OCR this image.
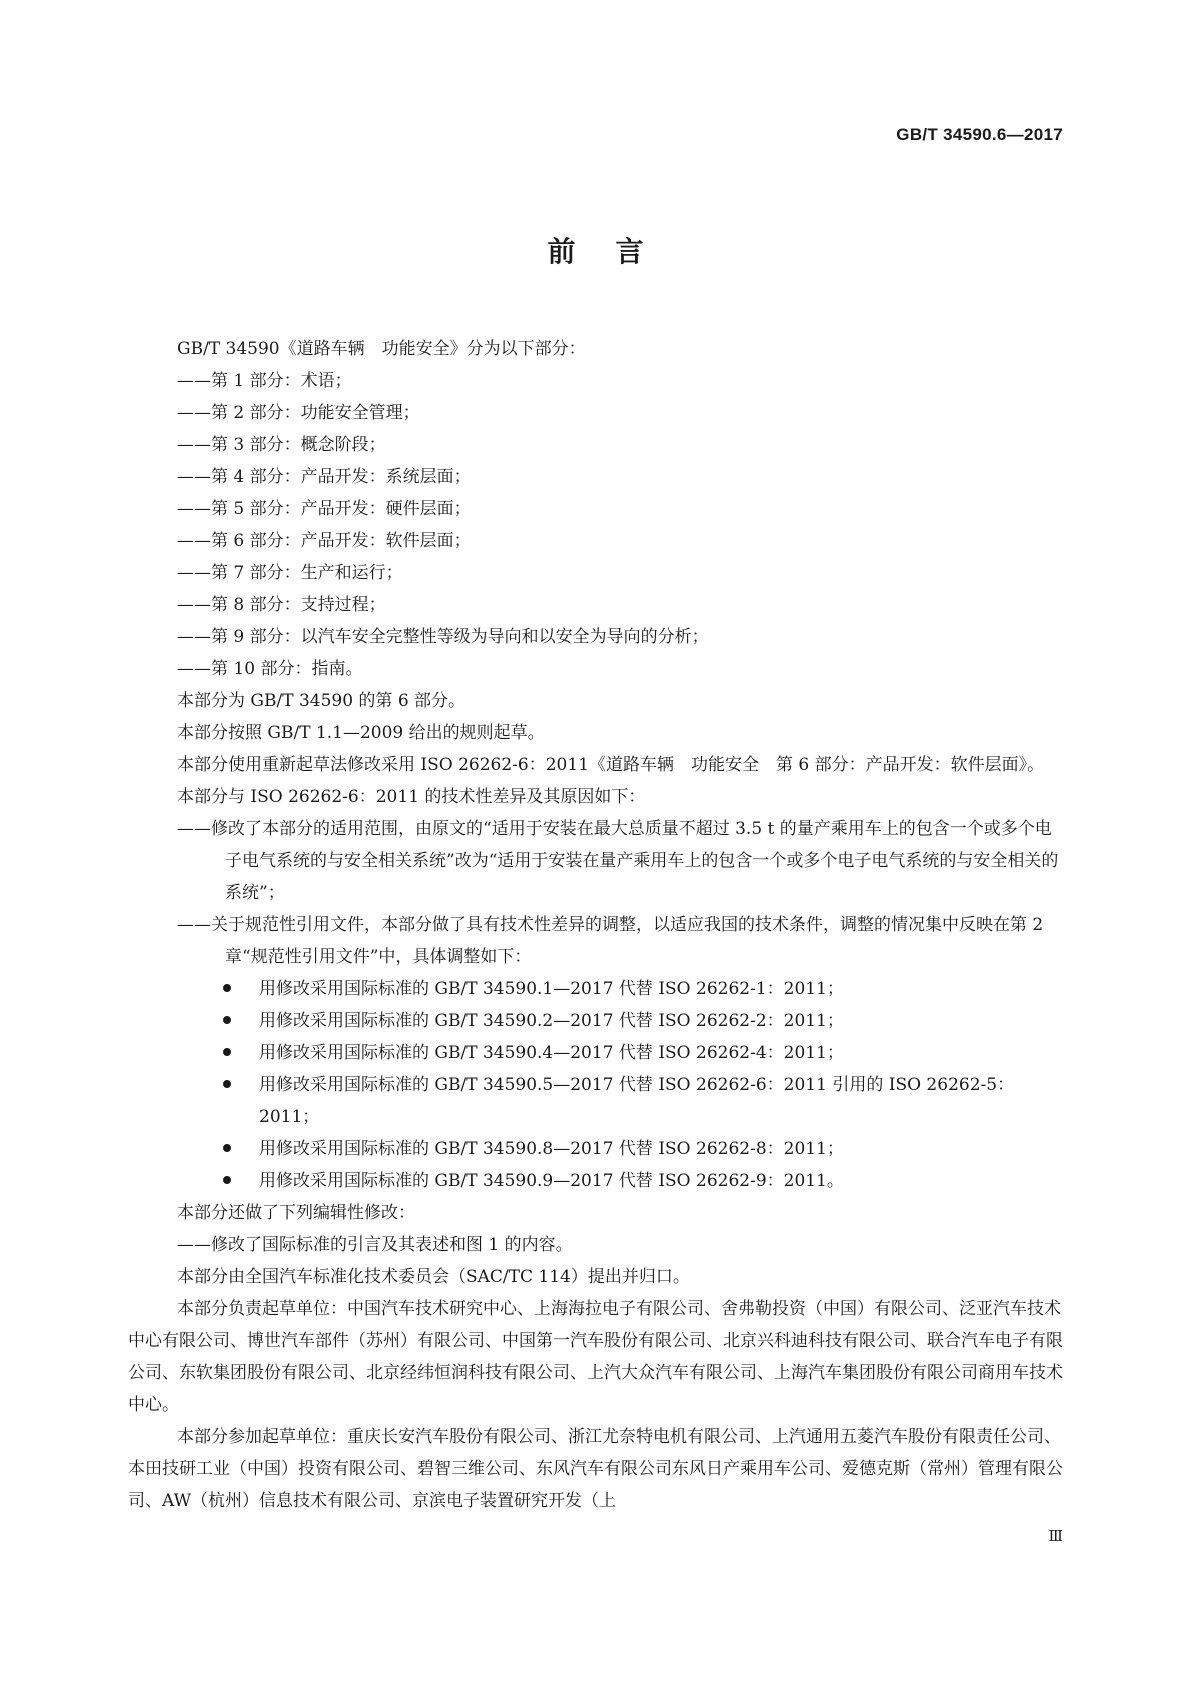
GB/T 34590.6—2017
前言

GB/T 34590《道路车辆　功能安全》分为以下部分：

——第 1 部分：术语；

——第 2 部分：功能安全管理；

——第 3 部分：概念阶段；

——第 4 部分：产品开发：系统层面；

——第 5 部分：产品开发：硬件层面；

——第 6 部分：产品开发：软件层面；

——第 7 部分：生产和运行；

——第 8 部分：支持过程；

——第 9 部分：以汽车安全完整性等级为导向和以安全为导向的分析；

——第 10 部分：指南。

本部分为 GB/T 34590 的第 6 部分。

本部分按照 GB/T 1.1—2009 给出的规则起草。

本部分使用重新起草法修改采用 ISO 26262-6：2011《道路车辆　功能安全　第 6 部分：产品开发：软件层面》。

本部分与 ISO 26262-6：2011 的技术性差异及其原因如下：

——修改了本部分的适用范围，由原文的“适用于安装在最大总质量不超过 3.5 t 的量产乘用车上的包含一个或多个电子电气系统的与安全相关系统”改为“适用于安装在量产乘用车上的包含一个或多个电子电气系统的与安全相关的系统”；

——关于规范性引用文件，本部分做了具有技术性差异的调整，以适应我国的技术条件，调整的情况集中反映在第 2 章“规范性引用文件”中，具体调整如下：

用修改采用国际标准的 GB/T 34590.1—2017 代替 ISO 26262-1：2011；

用修改采用国际标准的 GB/T 34590.2—2017 代替 ISO 26262-2：2011；

用修改采用国际标准的 GB/T 34590.4—2017 代替 ISO 26262-4：2011；

用修改采用国际标准的 GB/T 34590.5—2017 代替 ISO 26262-6：2011 引用的 ISO 26262-5：2011；

用修改采用国际标准的 GB/T 34590.8—2017 代替 ISO 26262-8：2011；

用修改采用国际标准的 GB/T 34590.9—2017 代替 ISO 26262-9：2011。

本部分还做了下列编辑性修改：

——修改了国际标准的引言及其表述和图 1 的内容。

本部分由全国汽车标准化技术委员会（SAC/TC 114）提出并归口。

本部分负责起草单位：中国汽车技术研究中心、上海海拉电子有限公司、舍弗勒投资（中国）有限公司、泛亚汽车技术中心有限公司、博世汽车部件（苏州）有限公司、中国第一汽车股份有限公司、北京兴科迪科技有限公司、联合汽车电子有限公司、东软集团股份有限公司、北京经纬恒润科技有限公司、上汽大众汽车有限公司、上海汽车集团股份有限公司商用车技术中心。

本部分参加起草单位：重庆长安汽车股份有限公司、浙江尤奈特电机有限公司、上汽通用五菱汽车股份有限责任公司、本田技研工业（中国）投资有限公司、碧智三维公司、东风汽车有限公司东风日产乘用车公司、爱德克斯（常州）管理有限公司、AW（杭州）信息技术有限公司、京滨电子装置研究开发（上

Ⅲ
